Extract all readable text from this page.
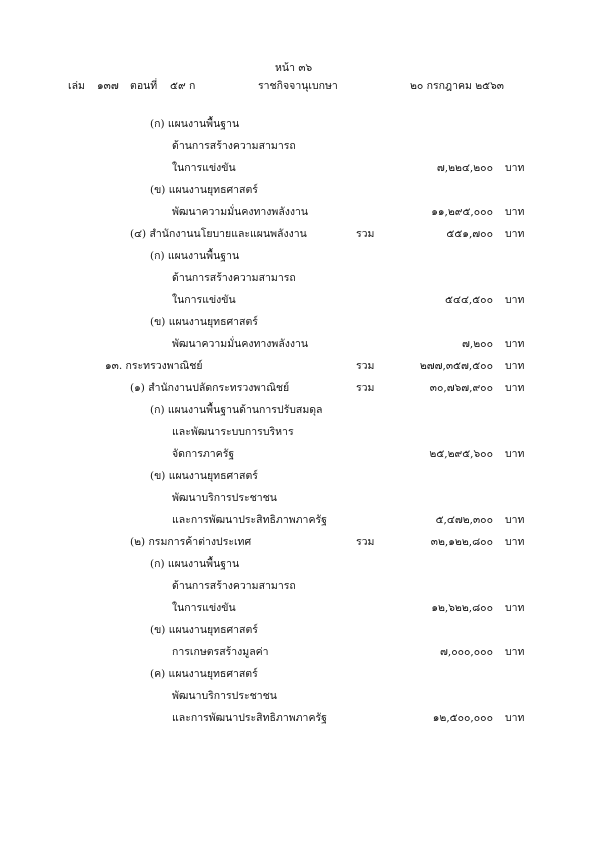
หน้า ๓๖
เล่ม ๑๓๗ ตอนที่ ๕๙ ก	ราชกิจจานุเบกษา	๒๐ กรกฎาคม ๒๕๖๓
(ก) แผนงานพื้นฐาน
ด้านการสร้างความสามารถ
ในการแข่งขัน	๗,๒๒๔,๒๐๐ บาท
(ข) แผนงานยุทธศาสตร์
พัฒนาความมั่นคงทางพลังงาน	๑๑,๒๙๕,๐๐๐ บาท
(๔) สำนักงานนโยบายและแผนพลังงาน	รวม	๕๕๑,๗๐๐ บาท
(ก) แผนงานพื้นฐาน
ด้านการสร้างความสามารถ
ในการแข่งขัน	๕๔๔,๕๐๐ บาท
(ข) แผนงานยุทธศาสตร์
พัฒนาความมั่นคงทางพลังงาน	๗,๒๐๐ บาท
๑๓. กระทรวงพาณิชย์	รวม	๒๗๗,๓๕๗,๕๐๐ บาท
(๑) สำนักงานปลัดกระทรวงพาณิชย์	รวม	๓๐,๗๖๗,๙๐๐ บาท
(ก) แผนงานพื้นฐานด้านการปรับสมดุล
และพัฒนาระบบการบริหาร
จัดการภาครัฐ	๒๕,๒๙๕,๖๐๐ บาท
(ข) แผนงานยุทธศาสตร์
พัฒนาบริการประชาชน
และการพัฒนาประสิทธิภาพภาครัฐ	๕,๔๗๒,๓๐๐ บาท
(๒) กรมการค้าต่างประเทศ	รวม	๓๒,๑๒๒,๘๐๐ บาท
(ก) แผนงานพื้นฐาน
ด้านการสร้างความสามารถ
ในการแข่งขัน	๑๒,๖๒๒,๘๐๐ บาท
(ข) แผนงานยุทธศาสตร์
การเกษตรสร้างมูลค่า	๗,๐๐๐,๐๐๐ บาท
(ค) แผนงานยุทธศาสตร์
พัฒนาบริการประชาชน
และการพัฒนาประสิทธิภาพภาครัฐ	๑๒,๕๐๐,๐๐๐ บาท
